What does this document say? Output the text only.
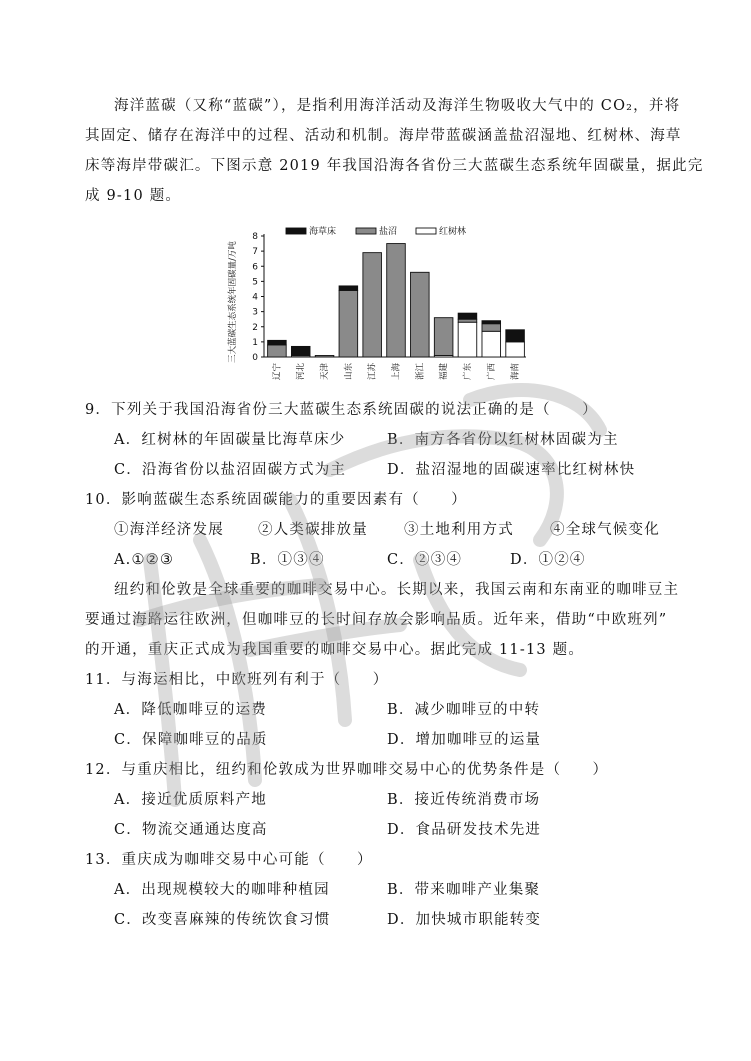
海洋蓝碳（又称“蓝碳”），是指利用海洋活动及海洋生物吸收大气中的 CO₂，并将
其固定、储存在海洋中的过程、活动和机制。海岸带蓝碳涵盖盐沼湿地、红树林、海草
床等海岸带碳汇。下图示意 2019 年我国沿海各省份三大蓝碳生态系统年固碳量，据此完
成 9-10 题。
海草床	盐沼	红树林
三大蓝碳生态系统年固碳量/万吨 0
1
2
3
4
5
6
7
8
辽宁 河北 天津 山东 江苏 上海 浙江 福建 广东 广西 海南
9．下列关于我国沿海省份三大蓝碳生态系统固碳的说法正确的是（　　）
A．红树林的年固碳量比海草床少	B．南方各省份以红树林固碳为主
C．沿海省份以盐沼固碳方式为主	D．盐沼湿地的固碳速率比红树林快
10．影响蓝碳生态系统固碳能力的重要因素有（　　）
①海洋经济发展 ②人类碳排放量 ③土地利用方式 ④全球气候变化
A.①②③	B．①③④	C．②③④	D．①②④
纽约和伦敦是全球重要的咖啡交易中心。长期以来，我国云南和东南亚的咖啡豆主
要通过海路运往欧洲，但咖啡豆的长时间存放会影响品质。近年来，借助“中欧班列”
的开通，重庆正式成为我国重要的咖啡交易中心。据此完成 11-13 题。
11．与海运相比，中欧班列有利于（　　）
A．降低咖啡豆的运费	B．减少咖啡豆的中转
C．保障咖啡豆的品质	D．增加咖啡豆的运量
12．与重庆相比，纽约和伦敦成为世界咖啡交易中心的优势条件是（　　）
A．接近优质原料产地	B．接近传统消费市场
C．物流交通通达度高	D．食品研发技术先进
13．重庆成为咖啡交易中心可能（　　）
A．出现规模较大的咖啡种植园	B．带来咖啡产业集聚
C．改变喜麻辣的传统饮食习惯	D．加快城市职能转变
